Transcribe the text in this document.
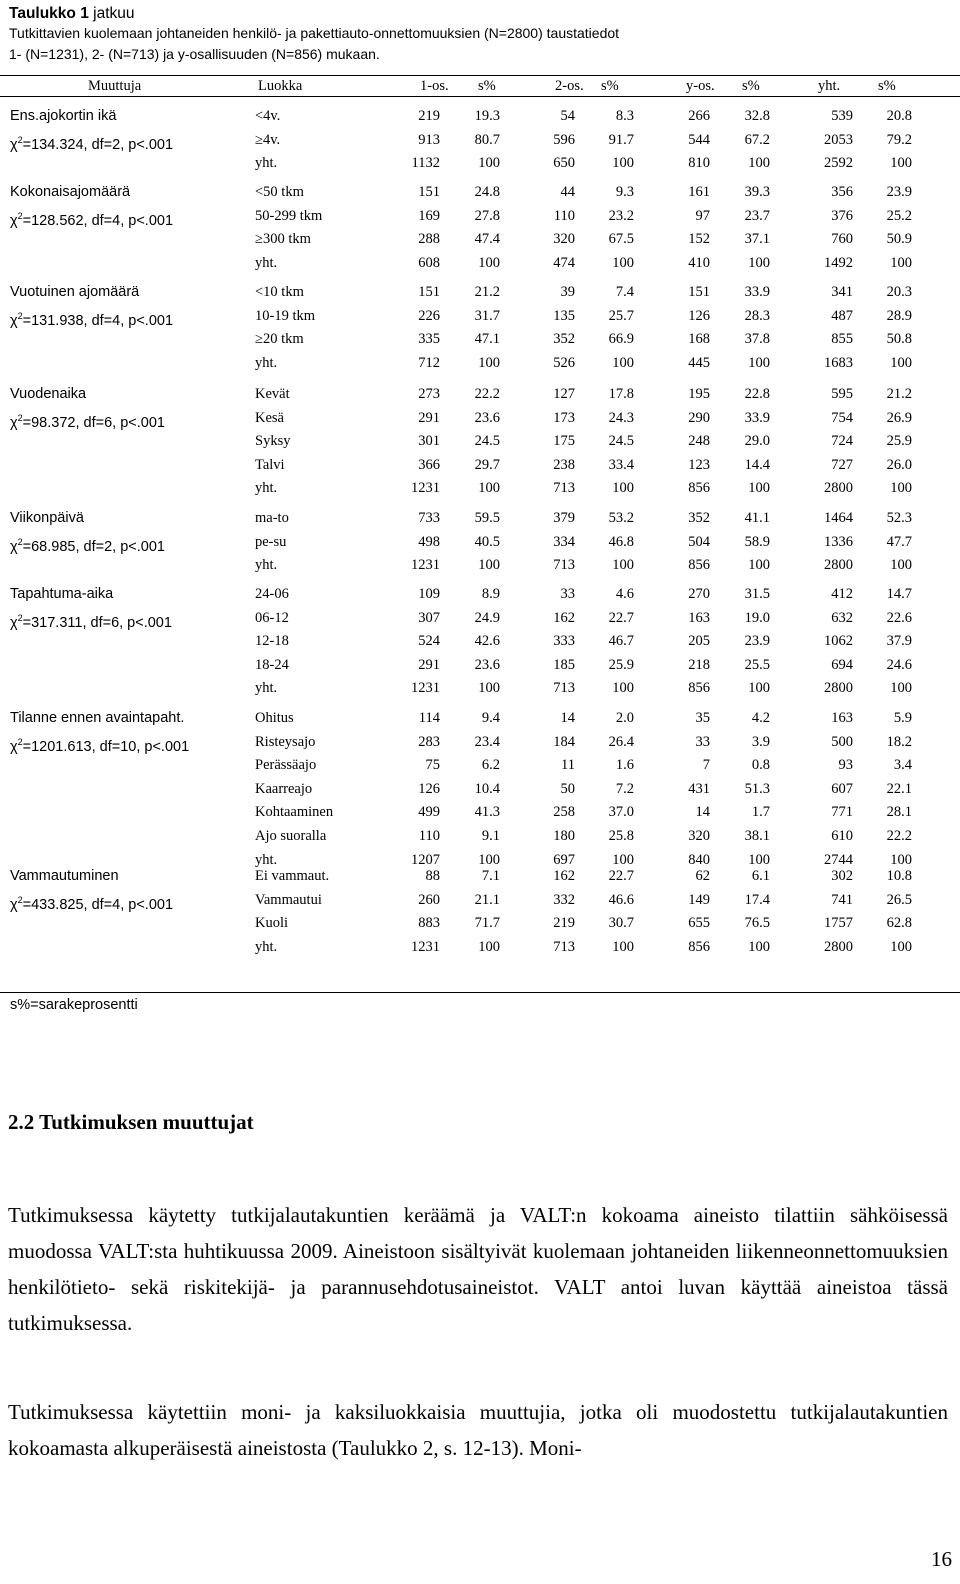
Taulukko 1 jatkuu
Tutkittavien kuolemaan johtaneiden henkilö- ja pakettiauto-onnettomuuksien (N=2800) taustatiedot
1- (N=1231), 2- (N=713) ja y-osallisuuden (N=856) mukaan.
Muuttuja	Luokka	1-os. s%	2-os. s%	y-os. s%	yht.	s%
Ens.ajokortin ikä
$\chi^2=134.324$, df=2, p<.001
<4v.	219 19.3	54	8.3	266 32.8	539 20.8
≥4v.	913 80.7	596 91.7	544 67.2	2053 79.2
yht.	1132	100	650	100	810	100	2592	100
Kokonaisajomäärä
$\chi^2=128.562$, df=4, p<.001
<50 tkm	151 24.8	44	9.3	161 39.3	356 23.9
50-299 tkm	169 27.8	110 23.2	97 23.7	376 25.2
≥300 tkm	288 47.4	320 67.5	152 37.1	760 50.9
yht.	608	100	474	100	410	100	1492	100
Vuotuinen ajomäärä
$\chi^2=131.938$, df=4, p<.001
<10 tkm	151 21.2	39	7.4	151 33.9	341 20.3
10-19 tkm	226 31.7	135 25.7	126 28.3	487 28.9
≥20 tkm	335 47.1	352 66.9	168 37.8	855 50.8
yht.	712	100	526	100	445	100	1683	100
Vuodenaika
$\chi^2=98.372$, df=6, p<.001
Kevät	273 22.2	127 17.8	195 22.8	595 21.2
Kesä	291 23.6	173 24.3	290 33.9	754 26.9
Syksy	301 24.5	175 24.5	248 29.0	724 25.9
Talvi	366 29.7	238 33.4	123 14.4	727 26.0
yht.	1231	100	713	100	856	100	2800	100
Viikonpäivä
$\chi^2=68.985$, df=2, p<.001
ma-to	733 59.5	379 53.2	352 41.1	1464 52.3
pe-su	498 40.5	334 46.8	504 58.9	1336 47.7
yht.	1231	100	713	100	856	100	2800	100
Tapahtuma-aika
$\chi^2=317.311$, df=6, p<.001
24-06	109	8.9	33	4.6	270 31.5	412 14.7
06-12	307 24.9	162 22.7	163 19.0	632 22.6
12-18	524 42.6	333 46.7	205 23.9	1062 37.9
18-24	291 23.6	185 25.9	218 25.5	694 24.6
yht.	1231	100	713	100	856	100	2800	100
Tilanne ennen avaintapaht.
$\chi^2=1201.613$, df=10, p<.001
Ohitus	114	9.4	14	2.0	35	4.2	163	5.9
Risteysajo	283 23.4	184 26.4	33	3.9	500 18.2
Perässäajo	75	6.2	11	1.6	7	0.8	93	3.4
Kaarreajo	126 10.4	50	7.2	431 51.3	607 22.1
Kohtaaminen	499 41.3	258 37.0	14	1.7	771 28.1
Ajo suoralla	110	9.1	180 25.8	320 38.1	610 22.2
yht.	1207	100	697	100	840	100	2744	100
Vammautuminen
$\chi^2=433.825$, df=4, p<.001
Ei vammaut.	88	7.1	162 22.7	62	6.1	302 10.8
Vammautui	260 21.1	332 46.6	149 17.4	741 26.5
Kuoli	883 71.7	219 30.7	655 76.5	1757 62.8
yht.	1231	100	713	100	856	100	2800	100
s%=sarakeprosentti
2.2 Tutkimuksen muuttujat
Tutkimuksessa käytetty tutkijalautakuntien keräämä ja VALT:n kokoama aineisto tilattiin sähköisessä muodossa VALT:sta huhtikuussa 2009. Aineistoon sisältyivät kuolemaan johtaneiden liikenneonnettomuuksien henkilötieto- sekä riskitekijä- ja parannusehdotusaineistot. VALT antoi luvan käyttää aineistoa tässä tutkimuksessa.
Tutkimuksessa käytettiin moni- ja kaksiluokkaisia muuttujia, jotka oli muodostettu tutkijalautakuntien kokoamasta alkuperäisestä aineistosta (Taulukko 2, s. 12-13). Moni-
16
